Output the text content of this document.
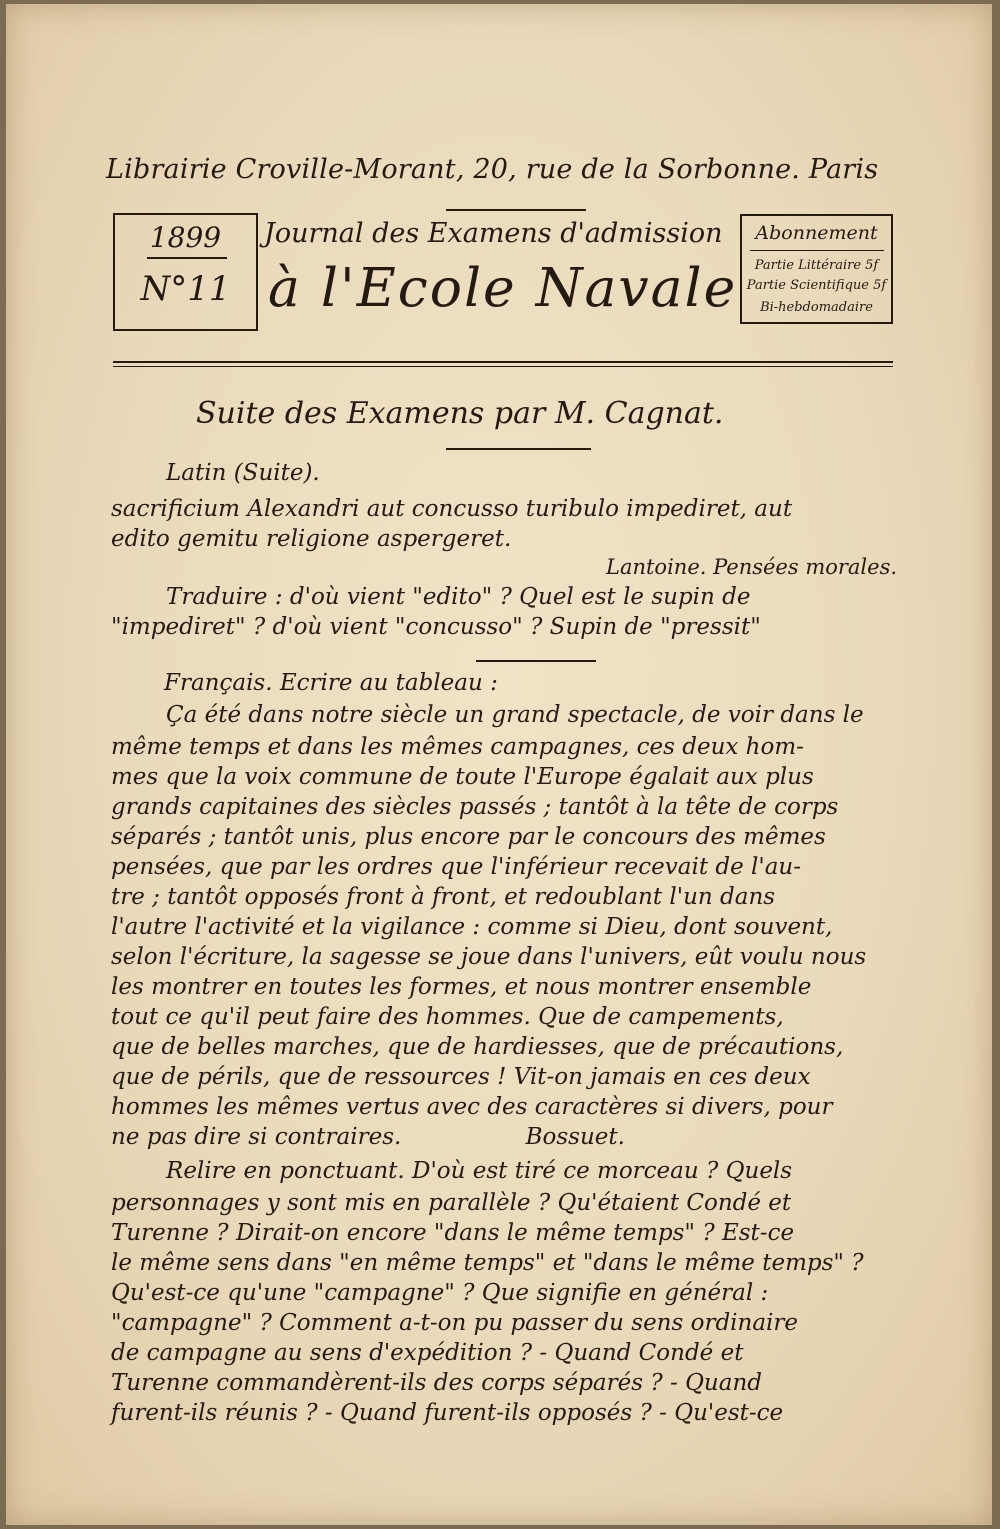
Librairie Croville-Morant, 20, rue de la Sorbonne. Paris
1899
N°11
Journal des Examens d'admission
à l'Ecole Navale
Abonnement
Partie Littéraire 5f
Partie Scientifique 5f
Bi-hebdomadaire
Suite des Examens par M. Cagnat.
Latin (Suite).
sacrificium Alexandri aut concusso turibulo impediret, aut
edito gemitu religione aspergeret.
Lantoine. Pensées morales.
Traduire : d'où vient "edito" ? Quel est le supin de
"impediret" ? d'où vient "concusso" ? Supin de "pressit"
Français. Ecrire au tableau :
Ça été dans notre siècle un grand spectacle, de voir dans le
même temps et dans les mêmes campagnes, ces deux hom-
mes que la voix commune de toute l'Europe égalait aux plus
grands capitaines des siècles passés ; tantôt à la tête de corps
séparés ; tantôt unis, plus encore par le concours des mêmes
pensées, que par les ordres que l'inférieur recevait de l'au-
tre ; tantôt opposés front à front, et redoublant l'un dans
l'autre l'activité et la vigilance : comme si Dieu, dont souvent,
selon l'écriture, la sagesse se joue dans l'univers, eût voulu nous
les montrer en toutes les formes, et nous montrer ensemble
tout ce qu'il peut faire des hommes. Que de campements,
que de belles marches, que de hardiesses, que de précautions,
que de périls, que de ressources ! Vit-on jamais en ces deux
hommes les mêmes vertus avec des caractères si divers, pour
ne pas dire si contraires.                 Bossuet.
Relire en ponctuant. D'où est tiré ce morceau ? Quels
personnages y sont mis en parallèle ? Qu'étaient Condé et
Turenne ? Dirait-on encore "dans le même temps" ? Est-ce
le même sens dans "en même temps" et "dans le même temps" ?
Qu'est-ce qu'une "campagne" ? Que signifie en général :
"campagne" ? Comment a-t-on pu passer du sens ordinaire
de campagne au sens d'expédition ? - Quand Condé et
Turenne commandèrent-ils des corps séparés ? - Quand
furent-ils réunis ? - Quand furent-ils opposés ? - Qu'est-ce
